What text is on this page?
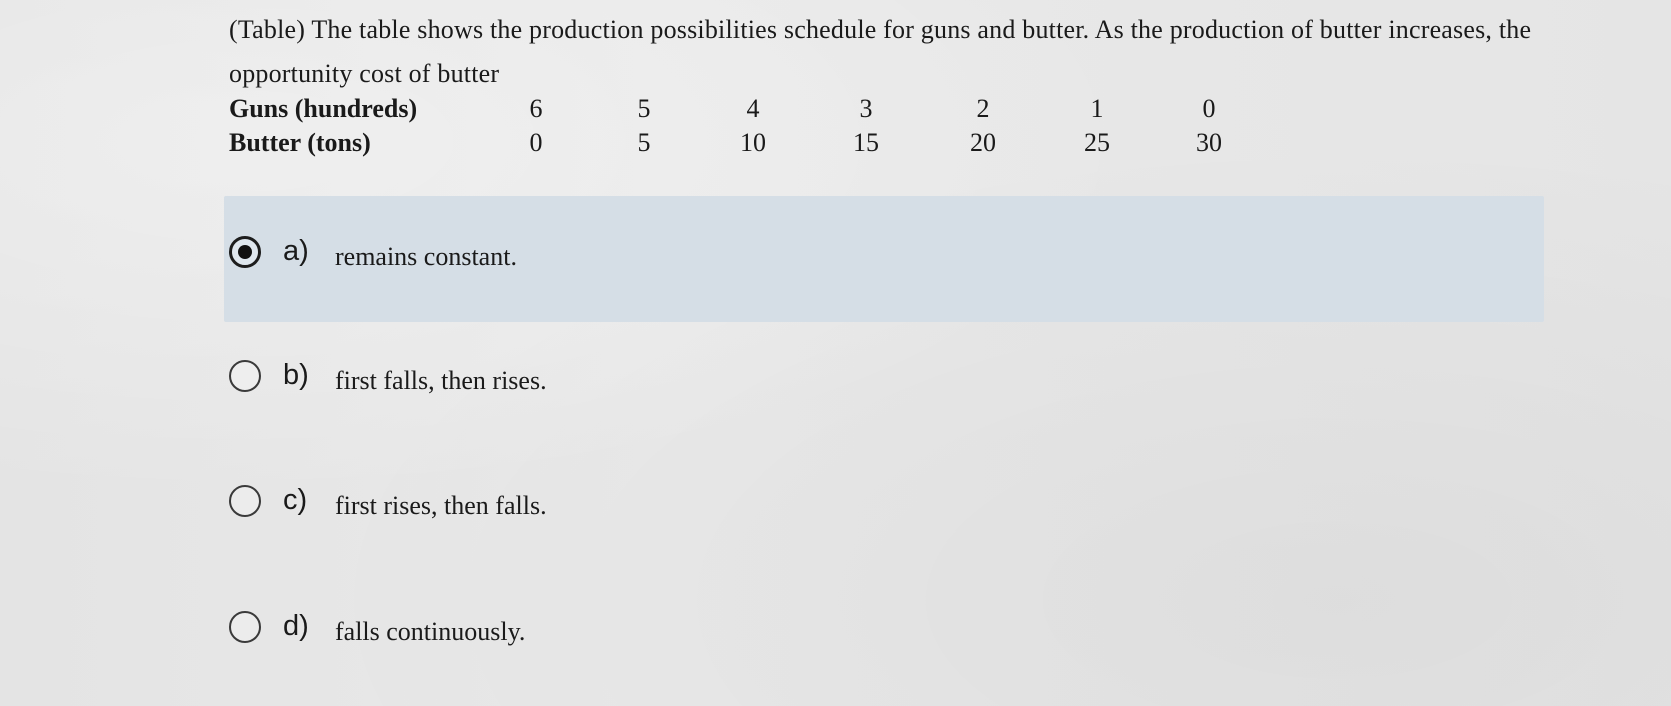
(Table) The table shows the production possibilities schedule for guns and butter. As the production of butter increases, the opportunity cost of butter
Guns (hundreds)	6	5	4	3	2	1	0
Butter (tons)	0	5	10	15	20	25	30
a) remains constant.
b) first falls, then rises.
c) first rises, then falls.
d) falls continuously.
